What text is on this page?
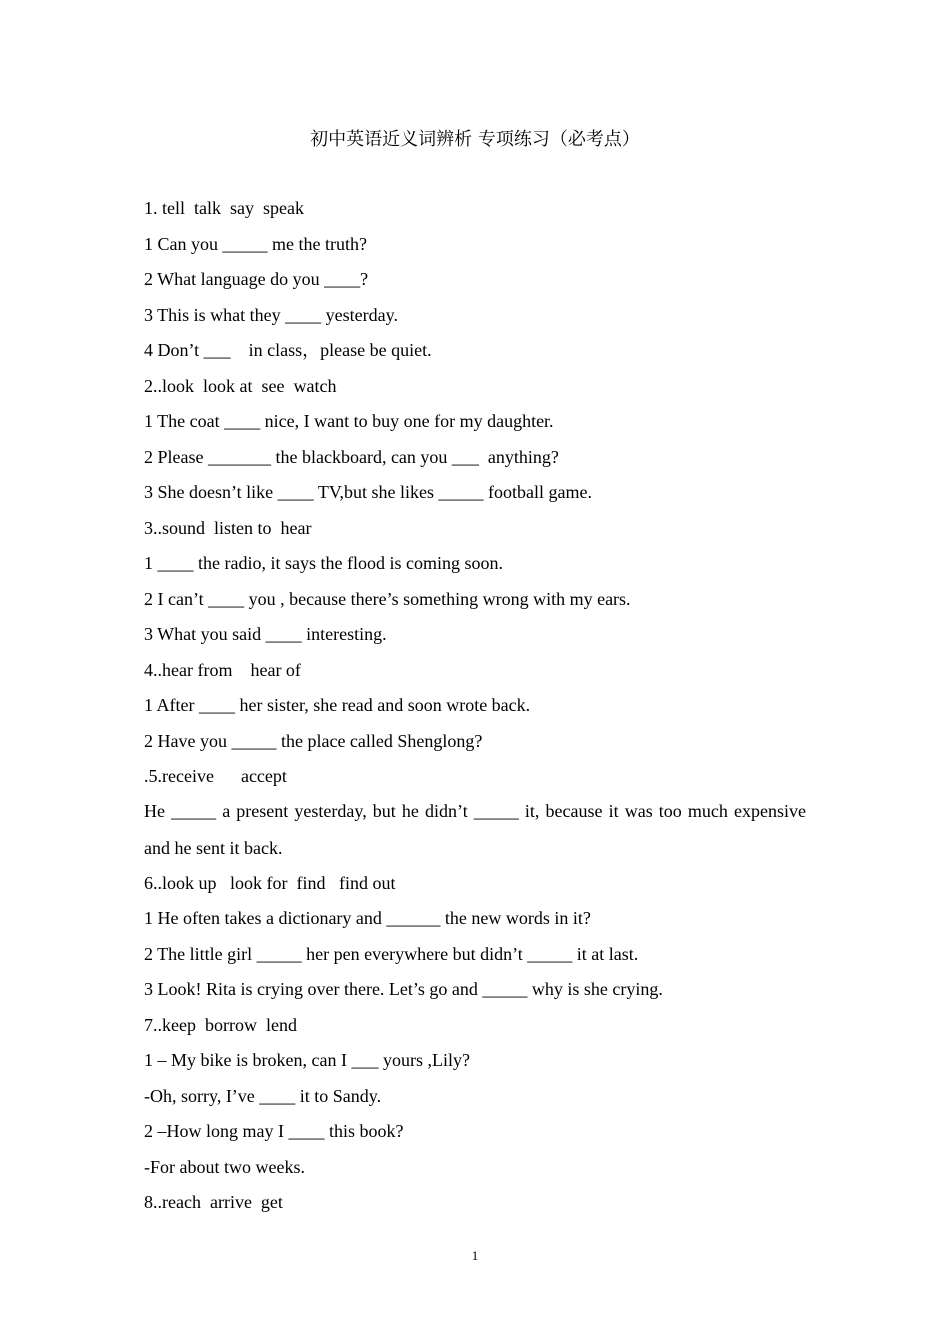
初中英语近义词辨析 专项练习（必考点）
1. tell  talk  say  speak
1 Can you _____ me the truth?
2 What language do you ____?
3 This is what they ____ yesterday.
4 Don’t ___    in class，please be quiet.
2..look  look at  see  watch
1 The coat ____ nice, I want to buy one for my daughter.
2 Please _______ the blackboard, can you ___  anything?
3 She doesn’t like ____ TV,but she likes _____ football game.
3..sound  listen to  hear
1 ____ the radio, it says the flood is coming soon.
2 I can’t ____ you , because there’s something wrong with my ears.
3 What you said ____ interesting.
4..hear from    hear of
1 After ____ her sister, she read and soon wrote back.
2 Have you _____ the place called Shenglong?
.5.receive      accept
He _____ a present yesterday, but he didn’t _____ it, because it was too much expensive and he sent it back.
6..look up   look for  find   find out
1 He often takes a dictionary and ______ the new words in it?
2 The little girl _____ her pen everywhere but didn’t _____ it at last.
3 Look! Rita is crying over there. Let’s go and _____ why is she crying.
7..keep  borrow  lend
1 – My bike is broken, can I ___ yours ,Lily?
-Oh, sorry, I’ve ____ it to Sandy.
2 –How long may I ____ this book?
-For about two weeks.
8..reach  arrive  get
1
